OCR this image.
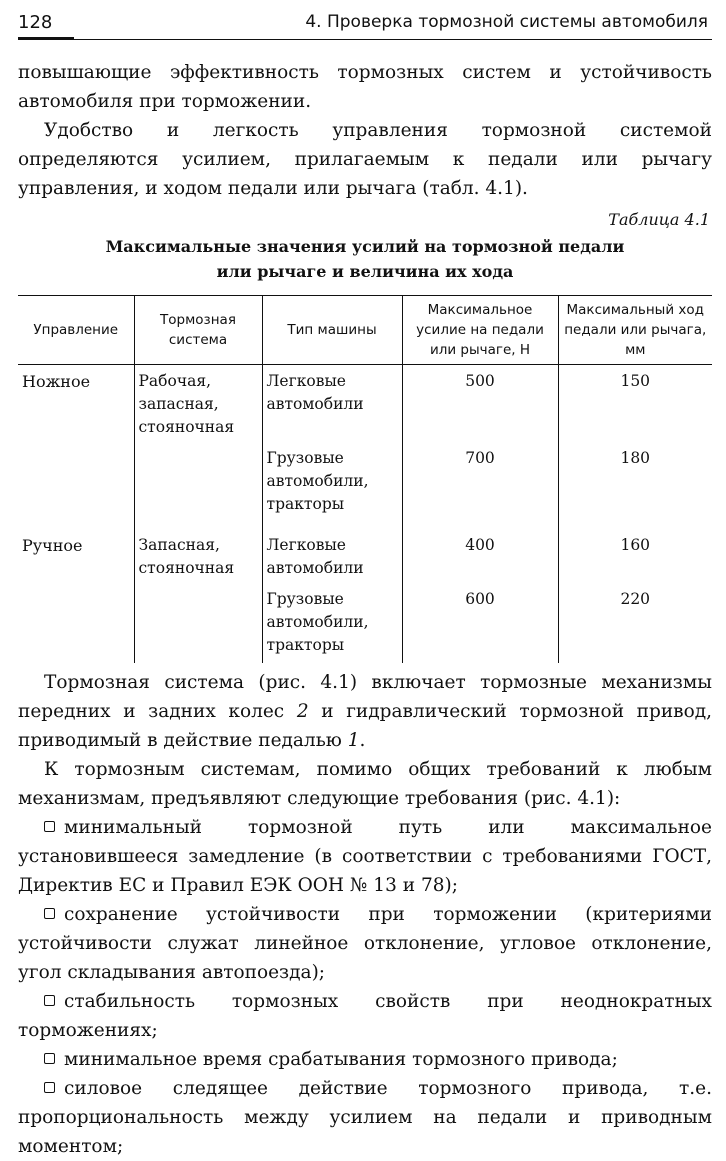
128	4. Проверка тормозной системы автомобиля

повышающие эффективность тормозных систем и устойчивость автомобиля при торможении.

Удобство и легкость управления тормозной системой определяются усилием, прилагаемым к педали или рычагу управления, и ходом педали или рычага (табл. 4.1).

Таблица 4.1
Максимальные значения усилий на тормозной педали
или рычаге и величина их хода
Управление	Тормозная система	Тип машины	Максимальное усилие на педали или рычаге, Н	Максимальный ход педали или рычага, мм
Ножное	Рабочая, запасная, стояночная	Легковые автомобили	500	150
		Грузовые автомобили, тракторы	700	180
Ручное	Запасная, стояночная	Легковые автомобили	400	160
		Грузовые автомобили, тракторы	600	220

Тормозная система (рис. 4.1) включает тормозные механизмы передних и задних колес 2 и гидравлический тормозной привод, приводимый в действие педалью 1.

К тормозным системам, помимо общих требований к любым механизмам, предъявляют следующие требования (рис. 4.1):

минимальный тормозной путь или максимальное установившееся замедление (в соответствии с требованиями ГОСТ, Директив ЕС и Правил ЕЭК ООН № 13 и 78);

сохранение устойчивости при торможении (критериями устойчивости служат линейное отклонение, угловое отклонение, угол складывания автопоезда);

стабильность тормозных свойств при неоднократных торможениях;

минимальное время срабатывания тормозного привода;

силовое следящее действие тормозного привода, т.е. пропорциональность между усилием на педали и приводным моментом;
